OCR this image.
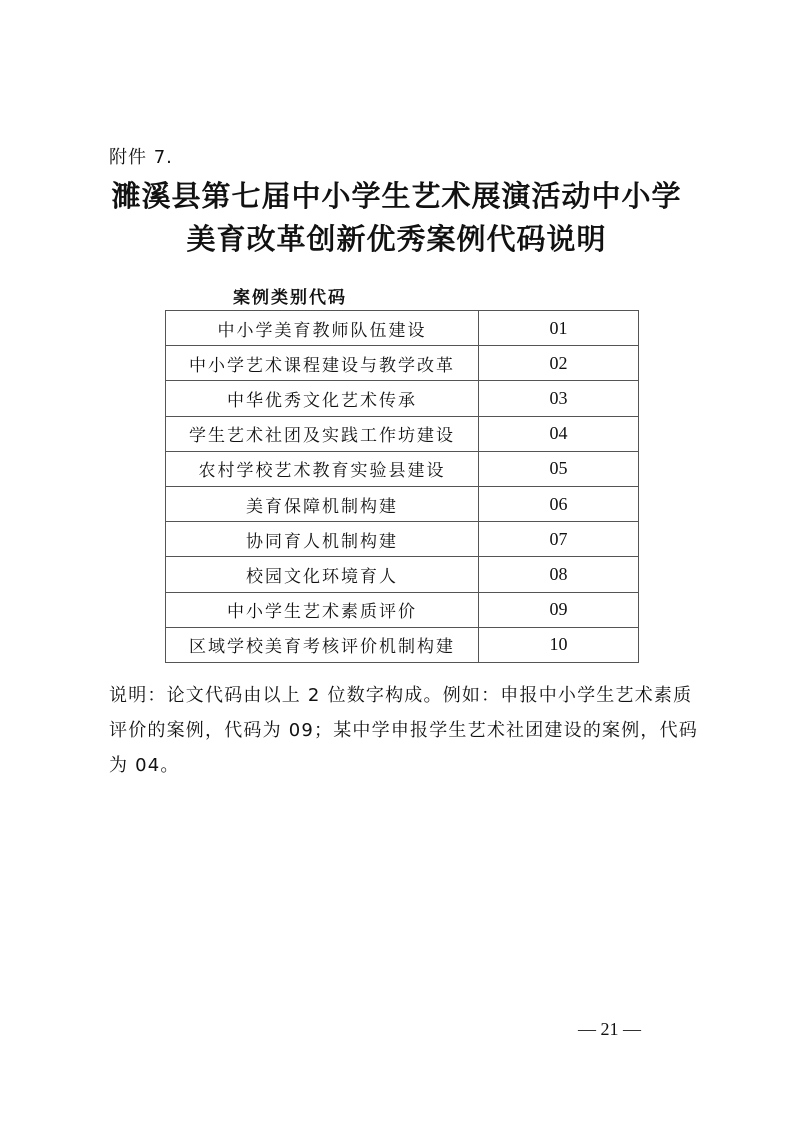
附件 7.
濉溪县第七届中小学生艺术展演活动中小学
美育改革创新优秀案例代码说明
案例类别代码
中小学美育教师队伍建设	01
中小学艺术课程建设与教学改革	02
中华优秀文化艺术传承	03
学生艺术社团及实践工作坊建设	04
农村学校艺术教育实验县建设	05
美育保障机制构建	06
协同育人机制构建	07
校园文化环境育人	08
中小学生艺术素质评价	09
区域学校美育考核评价机制构建	10
说明：论文代码由以上 2 位数字构成。例如：申报中小学生艺术素质评价的案例，代码为 09；某中学申报学生艺术社团建设的案例，代码为 04。
— 21 —
